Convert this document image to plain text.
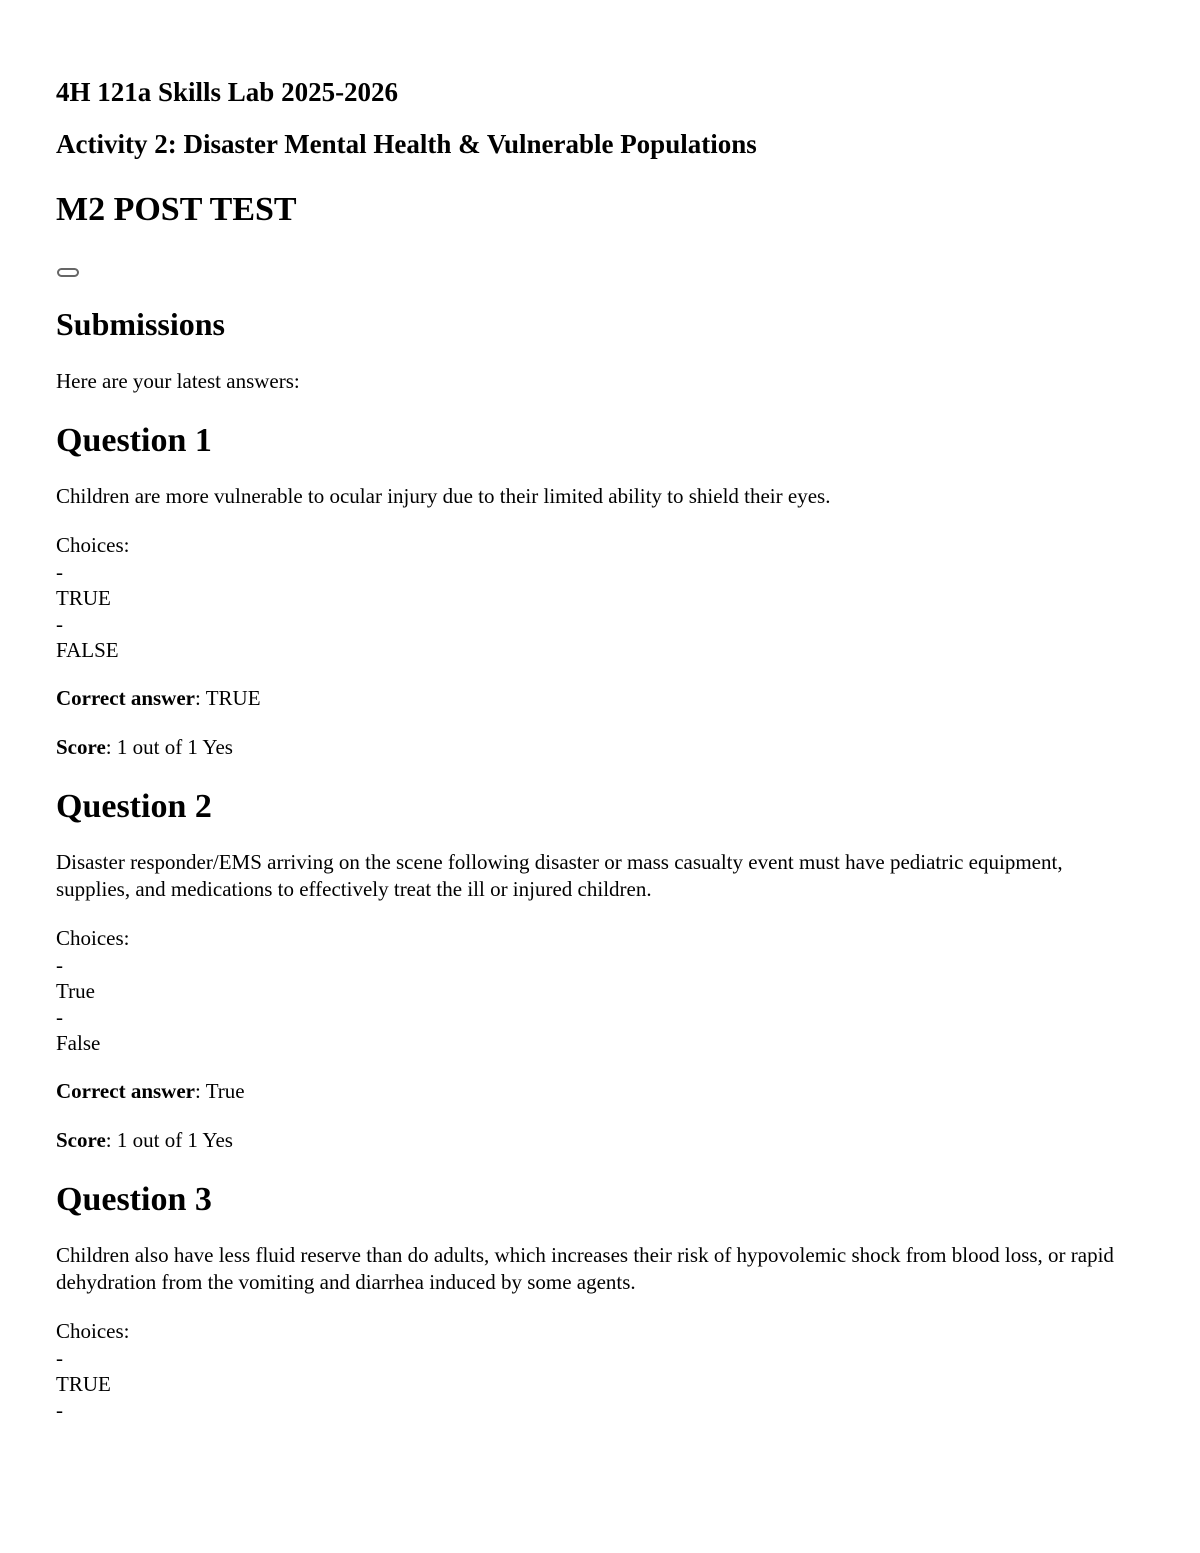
4H 121a Skills Lab 2025-2026
Activity 2: Disaster Mental Health & Vulnerable Populations
M2 POST TEST
Submissions

Here are your latest answers:

Question 1

Children are more vulnerable to ocular injury due to their limited ability to shield their eyes.

Choices:
-
TRUE
-
FALSE
Correct answer: TRUE
Score: 1 out of 1 Yes
Question 2

Disaster responder/EMS arriving on the scene following disaster or mass casualty event must have pediatric equipment, supplies, and medications to effectively treat the ill or injured children.

Choices:
-
True
-
False
Correct answer: True
Score: 1 out of 1 Yes
Question 3

Children also have less fluid reserve than do adults, which increases their risk of hypovolemic shock from blood loss, or rapid dehydration from the vomiting and diarrhea induced by some agents.

Choices:
-
TRUE
-
